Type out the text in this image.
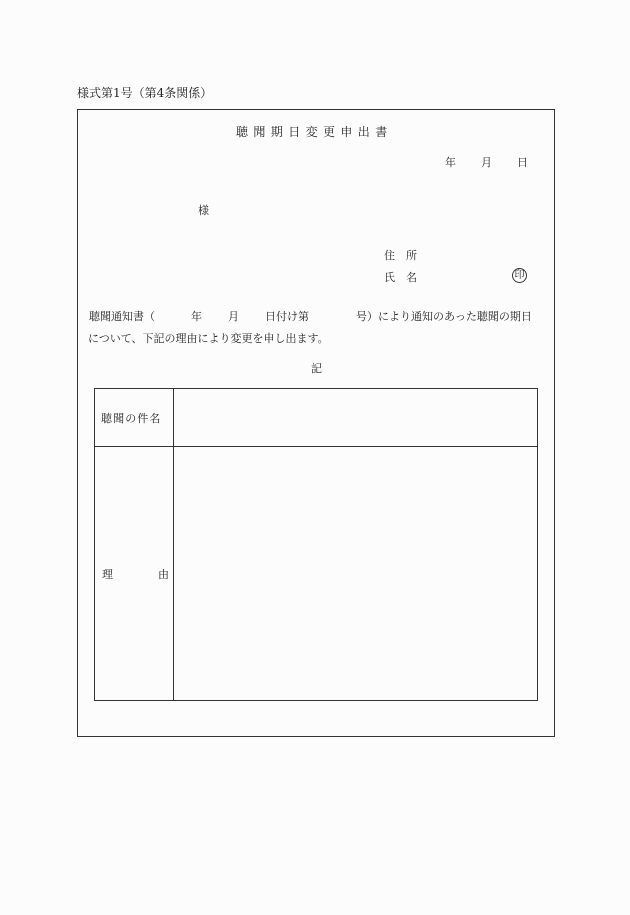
様式第1号（第4条関係）
聴聞期日変更申出書
年 月 日
様
住　所
氏　名	印
聴聞通知書（	年 月 日付け第	号）により通知のあった聴聞の期日
について、下記の理由により変更を申し出ます。
記
聴聞の件名
理	由
